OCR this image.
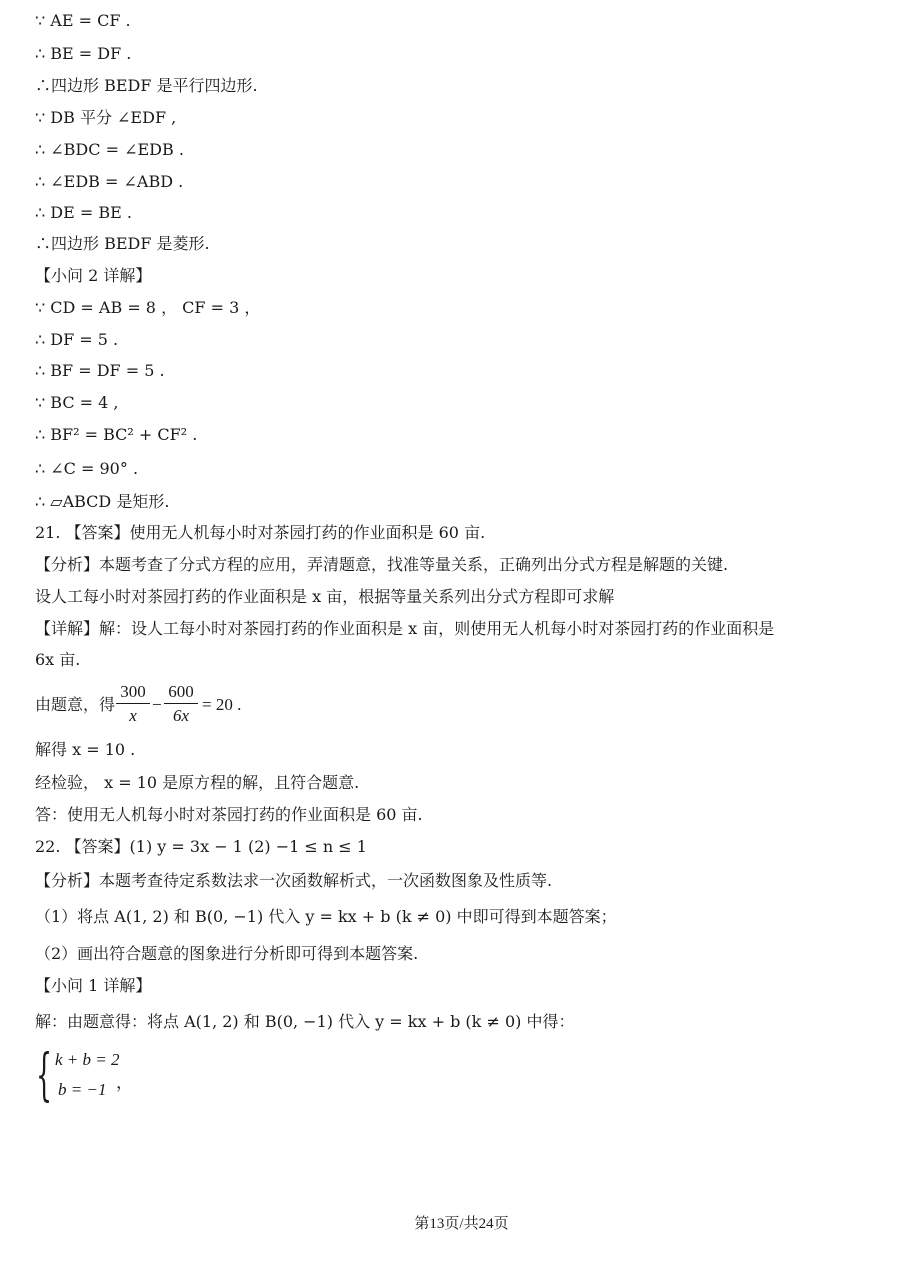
∵ AE = CF .
∴ BE = DF .
∴四边形 BEDF 是平行四边形.
∵ DB 平分 ∠EDF ,
∴ ∠BDC = ∠EDB .
∴ ∠EDB = ∠ABD .
∴ DE = BE .
∴四边形 BEDF 是菱形.
【小问 2 详解】
∵ CD = AB = 8 ， CF = 3 ，
∴ DF = 5 .
∴ BF = DF = 5 .
∵ BC = 4 ,
∴ BF² = BC² + CF² .
∴ ∠C = 90° .
∴ ▱ABCD 是矩形.
21. 【答案】使用无人机每小时对茶园打药的作业面积是 60 亩.
【分析】本题考查了分式方程的应用，弄清题意，找准等量关系，正确列出分式方程是解题的关键.
设人工每小时对茶园打药的作业面积是 x 亩，根据等量关系列出分式方程即可求解
【详解】解：设人工每小时对茶园打药的作业面积是 x 亩，则使用无人机每小时对茶园打药的作业面积是
6x 亩.
由题意，得
解得 x = 10 .
经检验， x = 10 是原方程的解，且符合题意.
答：使用无人机每小时对茶园打药的作业面积是 60 亩.
22. 【答案】(1) y = 3x − 1 (2) −1 ≤ n ≤ 1
【分析】本题考查待定系数法求一次函数解析式，一次函数图象及性质等.
（1）将点 A(1, 2) 和 B(0, −1) 代入 y = kx + b (k ≠ 0) 中即可得到本题答案；
（2）画出符合题意的图象进行分析即可得到本题答案.
【小问 1 详解】
解：由题意得：将点 A(1, 2) 和 B(0, −1) 代入 y = kx + b (k ≠ 0) 中得：
300
x
−
600
6x
= 20 .
{ k + b = 2
b = −1 ，
第13页/共24页
